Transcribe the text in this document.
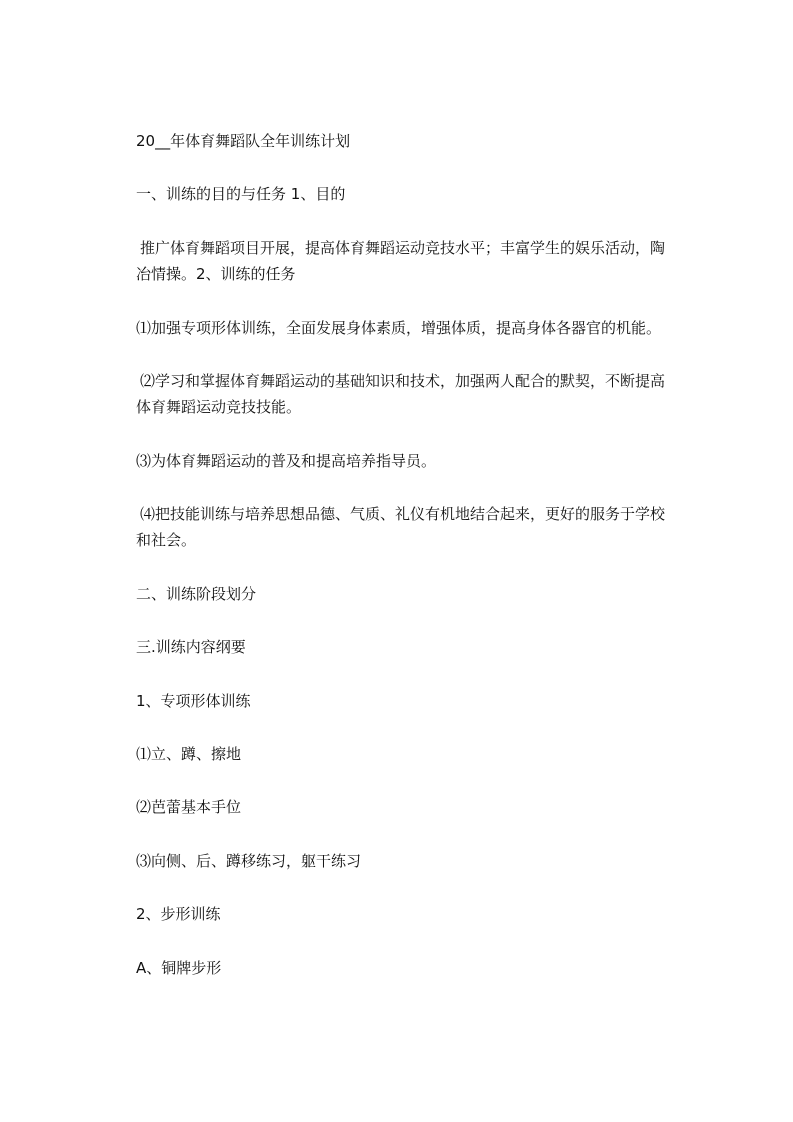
20__年体育舞蹈队全年训练计划
一、训练的目的与任务 1、目的
推广体育舞蹈项目开展，提高体育舞蹈运动竞技水平；丰富学生的娱乐活动，陶
冶情操。2、训练的任务
⑴加强专项形体训练，全面发展身体素质，增强体质，提高身体各器官的机能。
⑵学习和掌握体育舞蹈运动的基础知识和技术，加强两人配合的默契，不断提高
体育舞蹈运动竞技技能。
⑶为体育舞蹈运动的普及和提高培养指导员。
⑷把技能训练与培养思想品德、气质、礼仪有机地结合起来，更好的服务于学校
和社会。
二、训练阶段划分
三.训练内容纲要
1、专项形体训练
⑴立、蹲、擦地
⑵芭蕾基本手位
⑶向侧、后、蹲移练习，躯干练习
2、步形训练
A、铜牌步形
